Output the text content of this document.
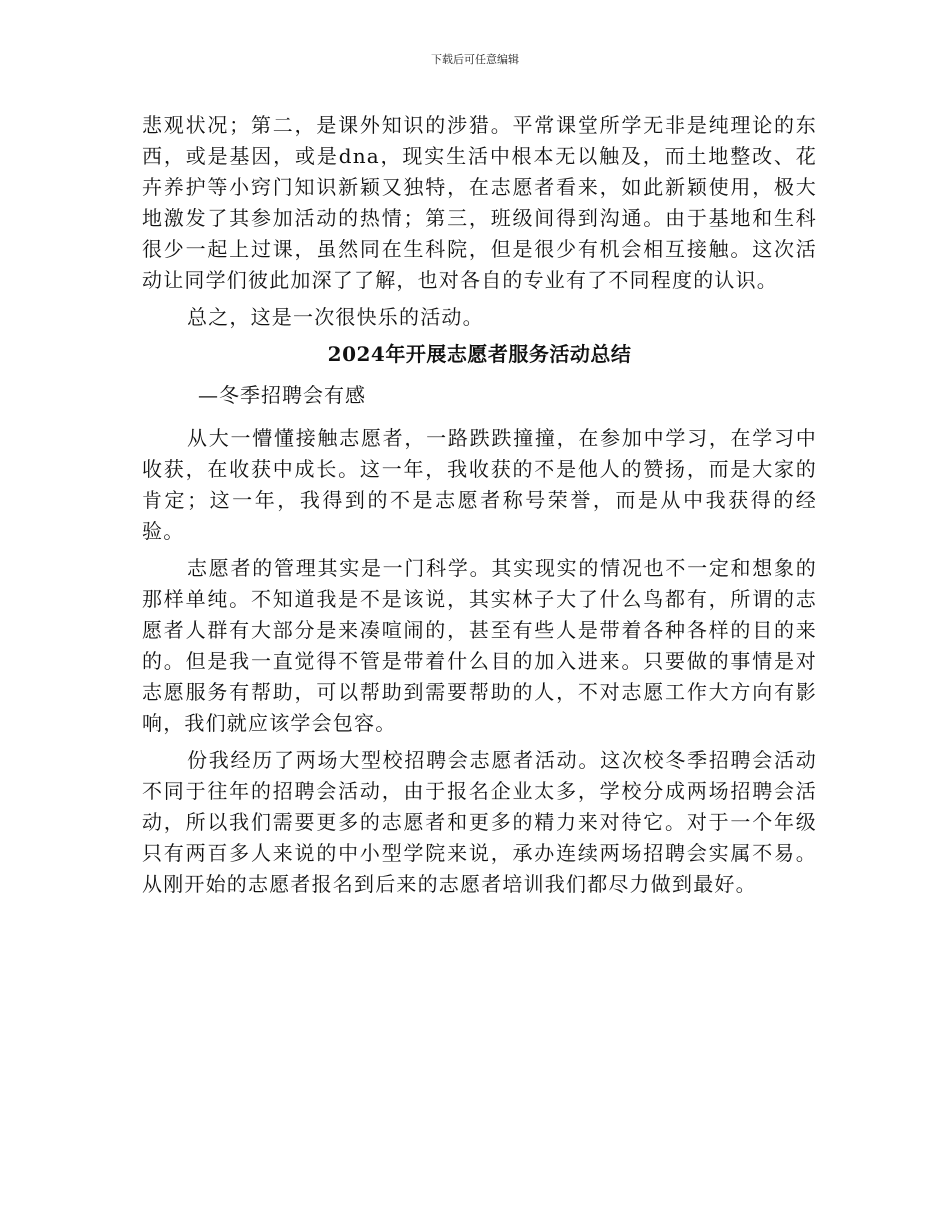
下载后可任意编辑

悲观状况；第二，是课外知识的涉猎。平常课堂所学无非是纯理论的东西，或是基因，或是dna，现实生活中根本无以触及，而土地整改、花卉养护等小窍门知识新颖又独特，在志愿者看来，如此新颖使用，极大地激发了其参加活动的热情；第三，班级间得到沟通。由于基地和生科很少一起上过课，虽然同在生科院，但是很少有机会相互接触。这次活动让同学们彼此加深了了解，也对各自的专业有了不同程度的认识。

总之，这是一次很快乐的活动。

2024年开展志愿者服务活动总结
—冬季招聘会有感

从大一懵懂接触志愿者，一路跌跌撞撞，在参加中学习，在学习中收获，在收获中成长。这一年，我收获的不是他人的赞扬，而是大家的肯定；这一年，我得到的不是志愿者称号荣誉，而是从中我获得的经验。

志愿者的管理其实是一门科学。其实现实的情况也不一定和想象的那样单纯。不知道我是不是该说，其实林子大了什么鸟都有，所谓的志愿者人群有大部分是来凑喧闹的，甚至有些人是带着各种各样的目的来的。但是我一直觉得不管是带着什么目的加入进来。只要做的事情是对志愿服务有帮助，可以帮助到需要帮助的人，不对志愿工作大方向有影响，我们就应该学会包容。

份我经历了两场大型校招聘会志愿者活动。这次校冬季招聘会活动不同于往年的招聘会活动，由于报名企业太多，学校分成两场招聘会活动，所以我们需要更多的志愿者和更多的精力来对待它。对于一个年级只有两百多人来说的中小型学院来说，承办连续两场招聘会实属不易。从刚开始的志愿者报名到后来的志愿者培训我们都尽力做到最好。
